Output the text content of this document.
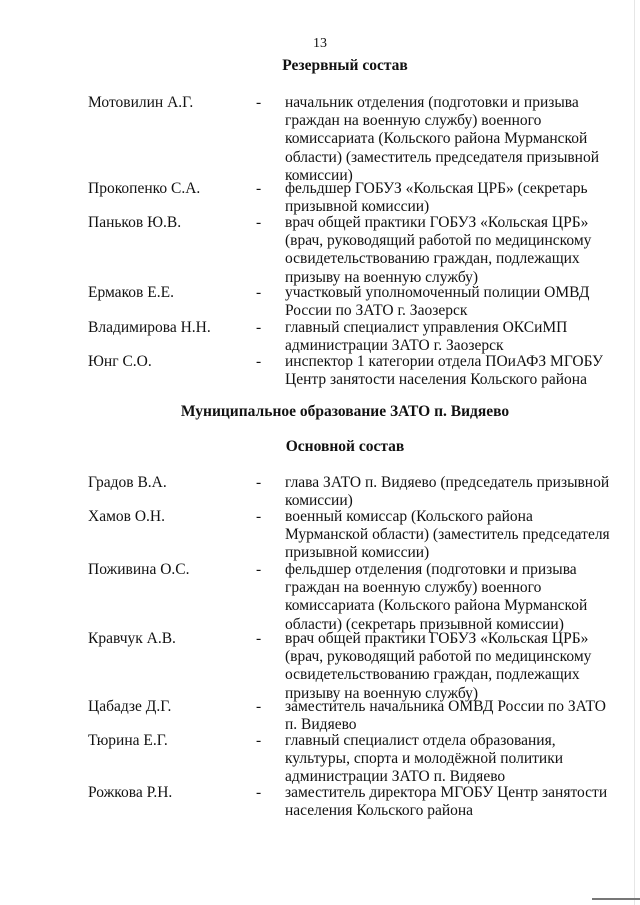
13
Резервный состав
Мотовилин А.Г.	- начальник отделения (подготовки и призыва граждан на военную службу) военного комиссариата (Кольского района Мурманской области) (заместитель председателя призывной комиссии)
Прокопенко С.А.	- фельдшер ГОБУЗ «Кольская ЦРБ» (секретарь призывной комиссии)
Паньков Ю.В.	- врач общей практики ГОБУЗ «Кольская ЦРБ» (врач, руководящий работой по медицинскому освидетельствованию граждан, подлежащих призыву на военную службу)
Ермаков Е.Е.	- участковый уполномоченный полиции ОМВД России по ЗАТО г. Заозерск
Владимирова Н.Н.	- главный специалист управления ОКСиМП администрации ЗАТО г. Заозерск
Юнг С.О.	- инспектор 1 категории отдела ПОиАФЗ МГОБУ Центр занятости населения Кольского района
Муниципальное образование ЗАТО п. Видяево
Основной состав
Градов В.А.	- глава ЗАТО п. Видяево (председатель призывной комиссии)
Хамов О.Н.	- военный комиссар (Кольского района Мурманской области) (заместитель председателя призывной комиссии)
Поживина О.С.	- фельдшер отделения (подготовки и призыва граждан на военную службу) военного комиссариата (Кольского района Мурманской области) (секретарь призывной комиссии)
Кравчук А.В.	- врач общей практики ГОБУЗ «Кольская ЦРБ» (врач, руководящий работой по медицинскому освидетельствованию граждан, подлежащих призыву на военную службу)
Цабадзе Д.Г.	- заместитель начальника ОМВД России по ЗАТО п. Видяево
Тюрина Е.Г.	- главный специалист отдела образования, культуры, спорта и молодёжной политики администрации ЗАТО п. Видяево
Рожкова Р.Н.	- заместитель директора МГОБУ Центр занятости населения Кольского района
